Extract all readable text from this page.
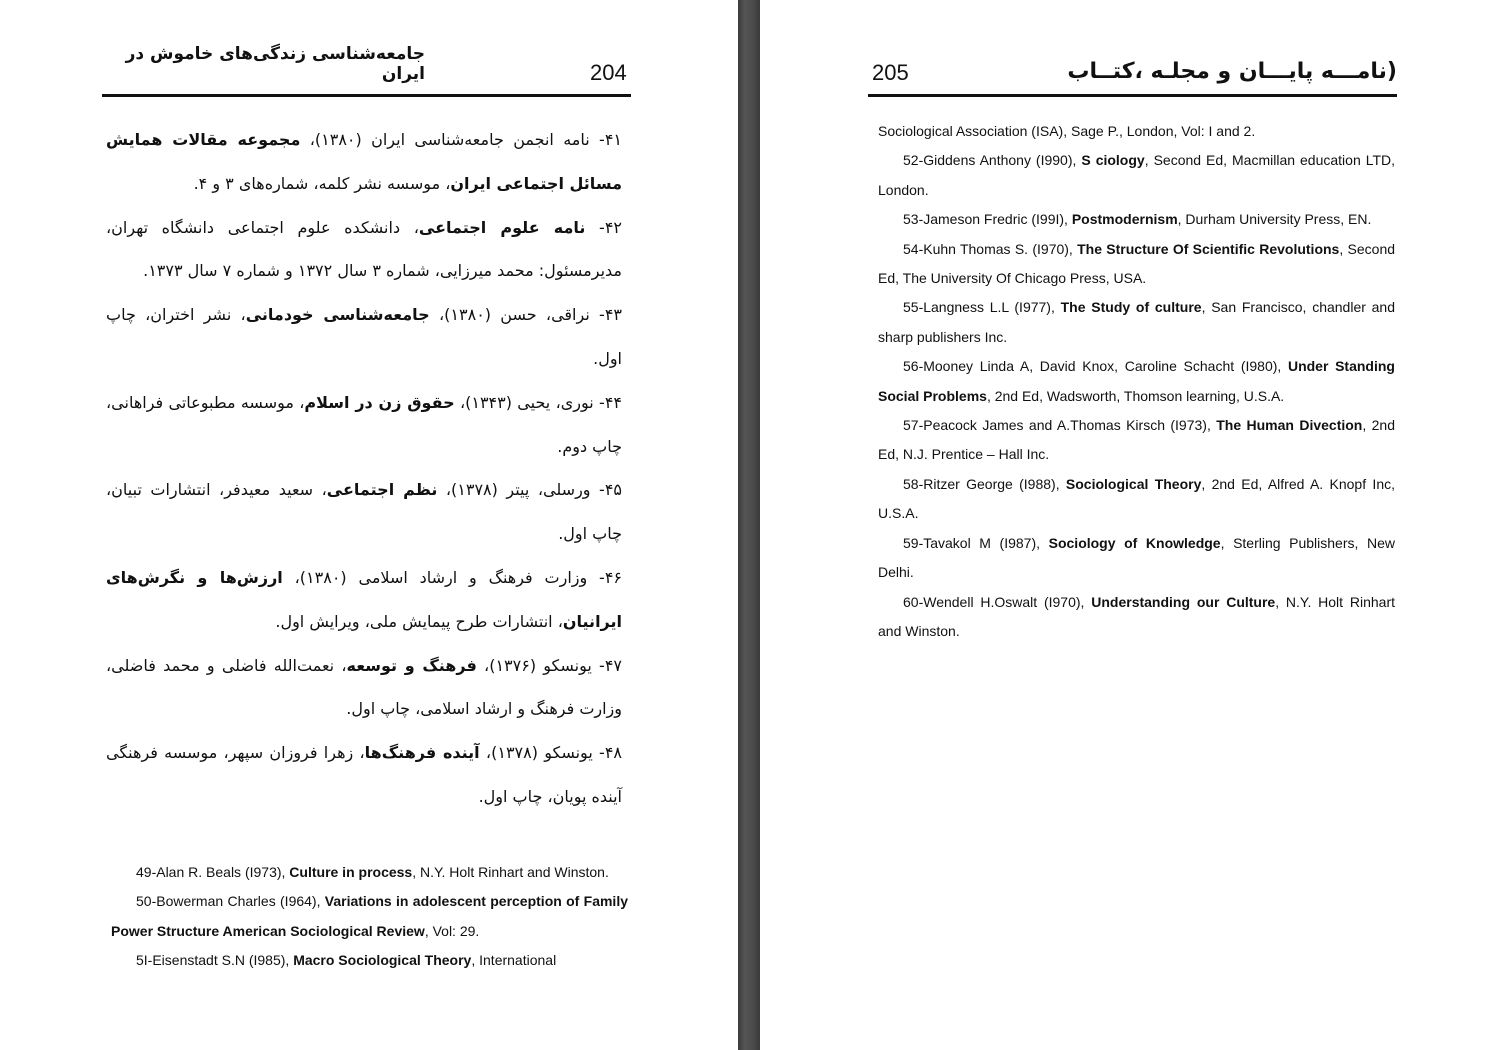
جامعه‌شناسی زندگی‌های خاموش در ایران	204
۴۱- نامه انجمن جامعه‌شناسی ایران (۱۳۸۰)، مجموعه مقالات همایش مسائل اجتماعی ایران، موسسه نشر کلمه، شماره‌های ۳ و ۴.
۴۲- نامه علوم اجتماعی، دانشکده علوم اجتماعی دانشگاه تهران، مدیرمسئول: محمد میرزایی، شماره ۳ سال ۱۳۷۲ و شماره ۷ سال ۱۳۷۳.
۴۳- نراقی، حسن (۱۳۸۰)، جامعه‌شناسی خودمانی، نشر اختران، چاپ اول.
۴۴- نوری، یحیی (۱۳۴۳)، حقوق زن در اسلام، موسسه مطبوعاتی فراهانی، چاپ دوم.
۴۵- ورسلی، پیتر (۱۳۷۸)، نظم اجتماعی، سعید معیدفر، انتشارات تبیان، چاپ اول.
۴۶- وزارت فرهنگ و ارشاد اسلامی (۱۳۸۰)، ارزش‌ها و نگرش‌های ایرانیان، انتشارات طرح پیمایش ملی، ویرایش اول.
۴۷- یونسکو (۱۳۷۶)، فرهنگ و توسعه، نعمت‌الله فاضلی و محمد فاضلی، وزارت فرهنگ و ارشاد اسلامی، چاپ اول.
۴۸- یونسکو (۱۳۷۸)، آینده فرهنگ‌ها، زهرا فروزان سپهر، موسسه فرهنگی آینده پویان، چاپ اول.
49-Alan R. Beals (I973), Culture in process, N.Y. Holt Rinhart and Winston.
50-Bowerman Charles (I964), Variations in adolescent perception of Family Power Structure American Sociological Review, Vol: 29.
5I-Eisenstadt S.N (I985), Macro Sociological Theory, International
205	(نامـــه پایـــان و مجلـه ،کتــاب
Sociological Association (ISA), Sage P., London, Vol: I and 2.
52-Giddens Anthony (I990), S ciology, Second Ed, Macmillan education LTD, London.
53-Jameson Fredric (I99I), Postmodernism, Durham University Press, EN.
54-Kuhn Thomas S. (I970), The Structure Of Scientific Revolutions, Second Ed, The University Of Chicago Press, USA.
55-Langness L.L (I977), The Study of culture, San Francisco, chandler and sharp publishers Inc.
56-Mooney Linda A, David Knox, Caroline Schacht (I980), Under Standing Social Problems, 2nd Ed, Wadsworth, Thomson learning, U.S.A.
57-Peacock James and A.Thomas Kirsch (I973), The Human Divection, 2nd Ed, N.J. Prentice – Hall Inc.
58-Ritzer George (I988), Sociological Theory, 2nd Ed, Alfred A. Knopf Inc, U.S.A.
59-Tavakol M (I987), Sociology of Knowledge, Sterling Publishers, New Delhi.
60-Wendell H.Oswalt (I970), Understanding our Culture, N.Y. Holt Rinhart and Winston.
